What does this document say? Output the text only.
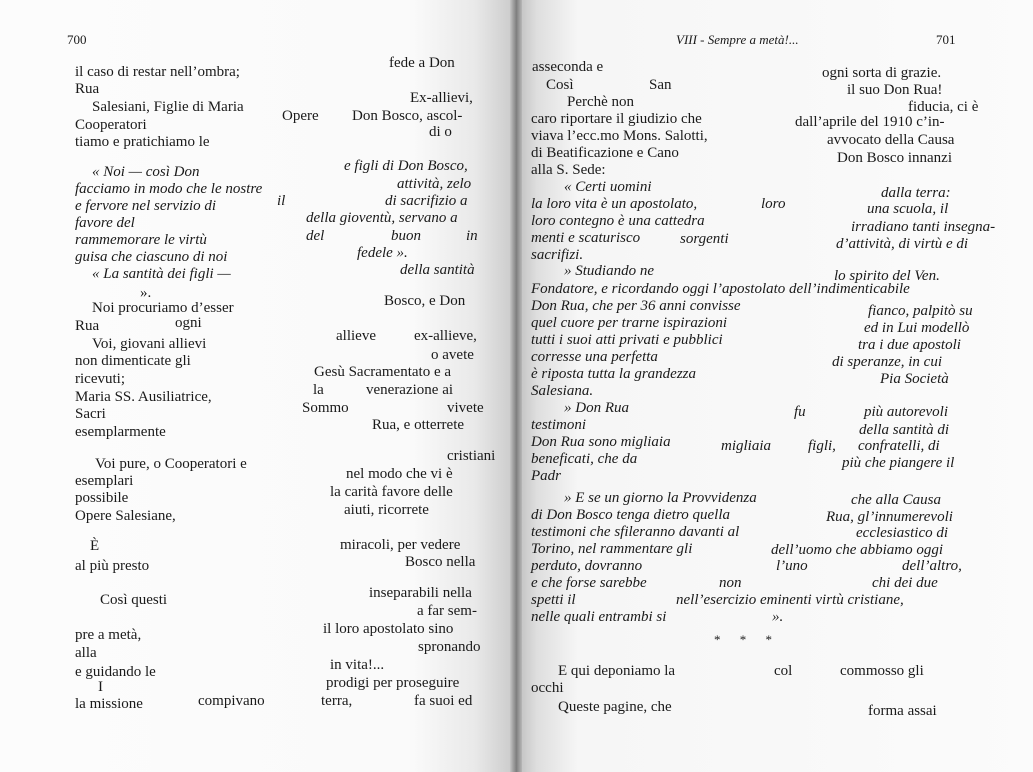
700
il caso di restar nell’ombra;
fede a Don
Rua
Salesiani, Figlie di Maria
Ex-allievi,
Cooperatori
Opere Don Bosco, ascol-
tiamo e pratichiamo le
di o
« Noi — così Don	e figli di Don Bosco,
facciamo in modo che le nostre	attività, zelo
e fervore nel servizio di	il	di sacrifizio a
favore del	della gioventù, servano a
rammemorare le virtù	del	buon	in
guisa che ciascuno di noi	fedele ».
« La santità dei figli —	della santità
».
Noi procuriamo d’esser	Bosco, e Don
Rua	ogni
Voi, giovani allievi	allieve	ex-allieve,
non dimenticate gli	o avete
ricevuti;	Gesù Sacramentato e a
Maria SS. Ausiliatrice,	la	venerazione ai
Sacri	Sommo	vivete
esemplarmente	Rua, e otterrete
cristiani
Voi pure, o Cooperatori e
nel modo che vi è
esemplari
possibile	la carità favore delle
Opere Salesiane,	aiuti, ricorrete
È	miracoli, per vedere
al più presto	Bosco nella
Così questi	inseparabili nella
a far sem-
pre a metà,	il loro apostolato sino
alla	spronando
e guidando le	in vita!...
I	prodigi per proseguire
la missione	compivano	terra,	fa suoi ed
VIII - Sempre a metà!...	701
* * *
asseconda e	ogni sorta di grazie.
Così	San	il suo Don Rua!
Perchè non	fiducia, ci è
caro riportare il giudizio che	dall’aprile del 1910 c’in-
viava l’ecc.mo Mons. Salotti,	avvocato della Causa
di Beatificazione e Cano	Don Bosco innanzi
alla S. Sede:
« Certi uomini	dalla terra:
la loro vita è un apostolato,	loro	una scuola, il
loro contegno è una cattedra	irradiano tanti insegna-
menti e scaturisco	sorgenti	d’attività, di virtù e di
sacrifizi.
» Studiando ne	lo spirito del Ven.
Fondatore, e ricordando oggi l’apostolato dell’indimenticabile
Don Rua, che per 36 anni convisse	fianco, palpitò su
quel cuore per trarne ispirazioni	ed in Lui modellò
tutti i suoi atti privati e pubblici	tra i due apostoli
corresse una perfetta	di speranze, in cui
è riposta tutta la grandezza	Pia Società
Salesiana.
» Don Rua	fu	più autorevoli
testimoni	della santità di
Don Rua sono migliaia	migliaia figli, confratelli, di
beneficati, che da	più che piangere il
Padr
» E se un giorno la Provvidenza	che alla Causa
di Don Bosco tenga dietro quella	Rua, gl’innumerevoli
testimoni che sfileranno davanti al	ecclesiastico di
Torino, nel rammentare gli	dell’uomo che abbiamo oggi
perduto, dovranno	l’uno	dell’altro,
e che forse sarebbe	non	chi dei due
spetti il	nell’esercizio eminenti virtù cristiane,
nelle quali entrambi si	».
E qui deponiamo la	col	commosso gli
occhi
Queste pagine, che	forma assai
